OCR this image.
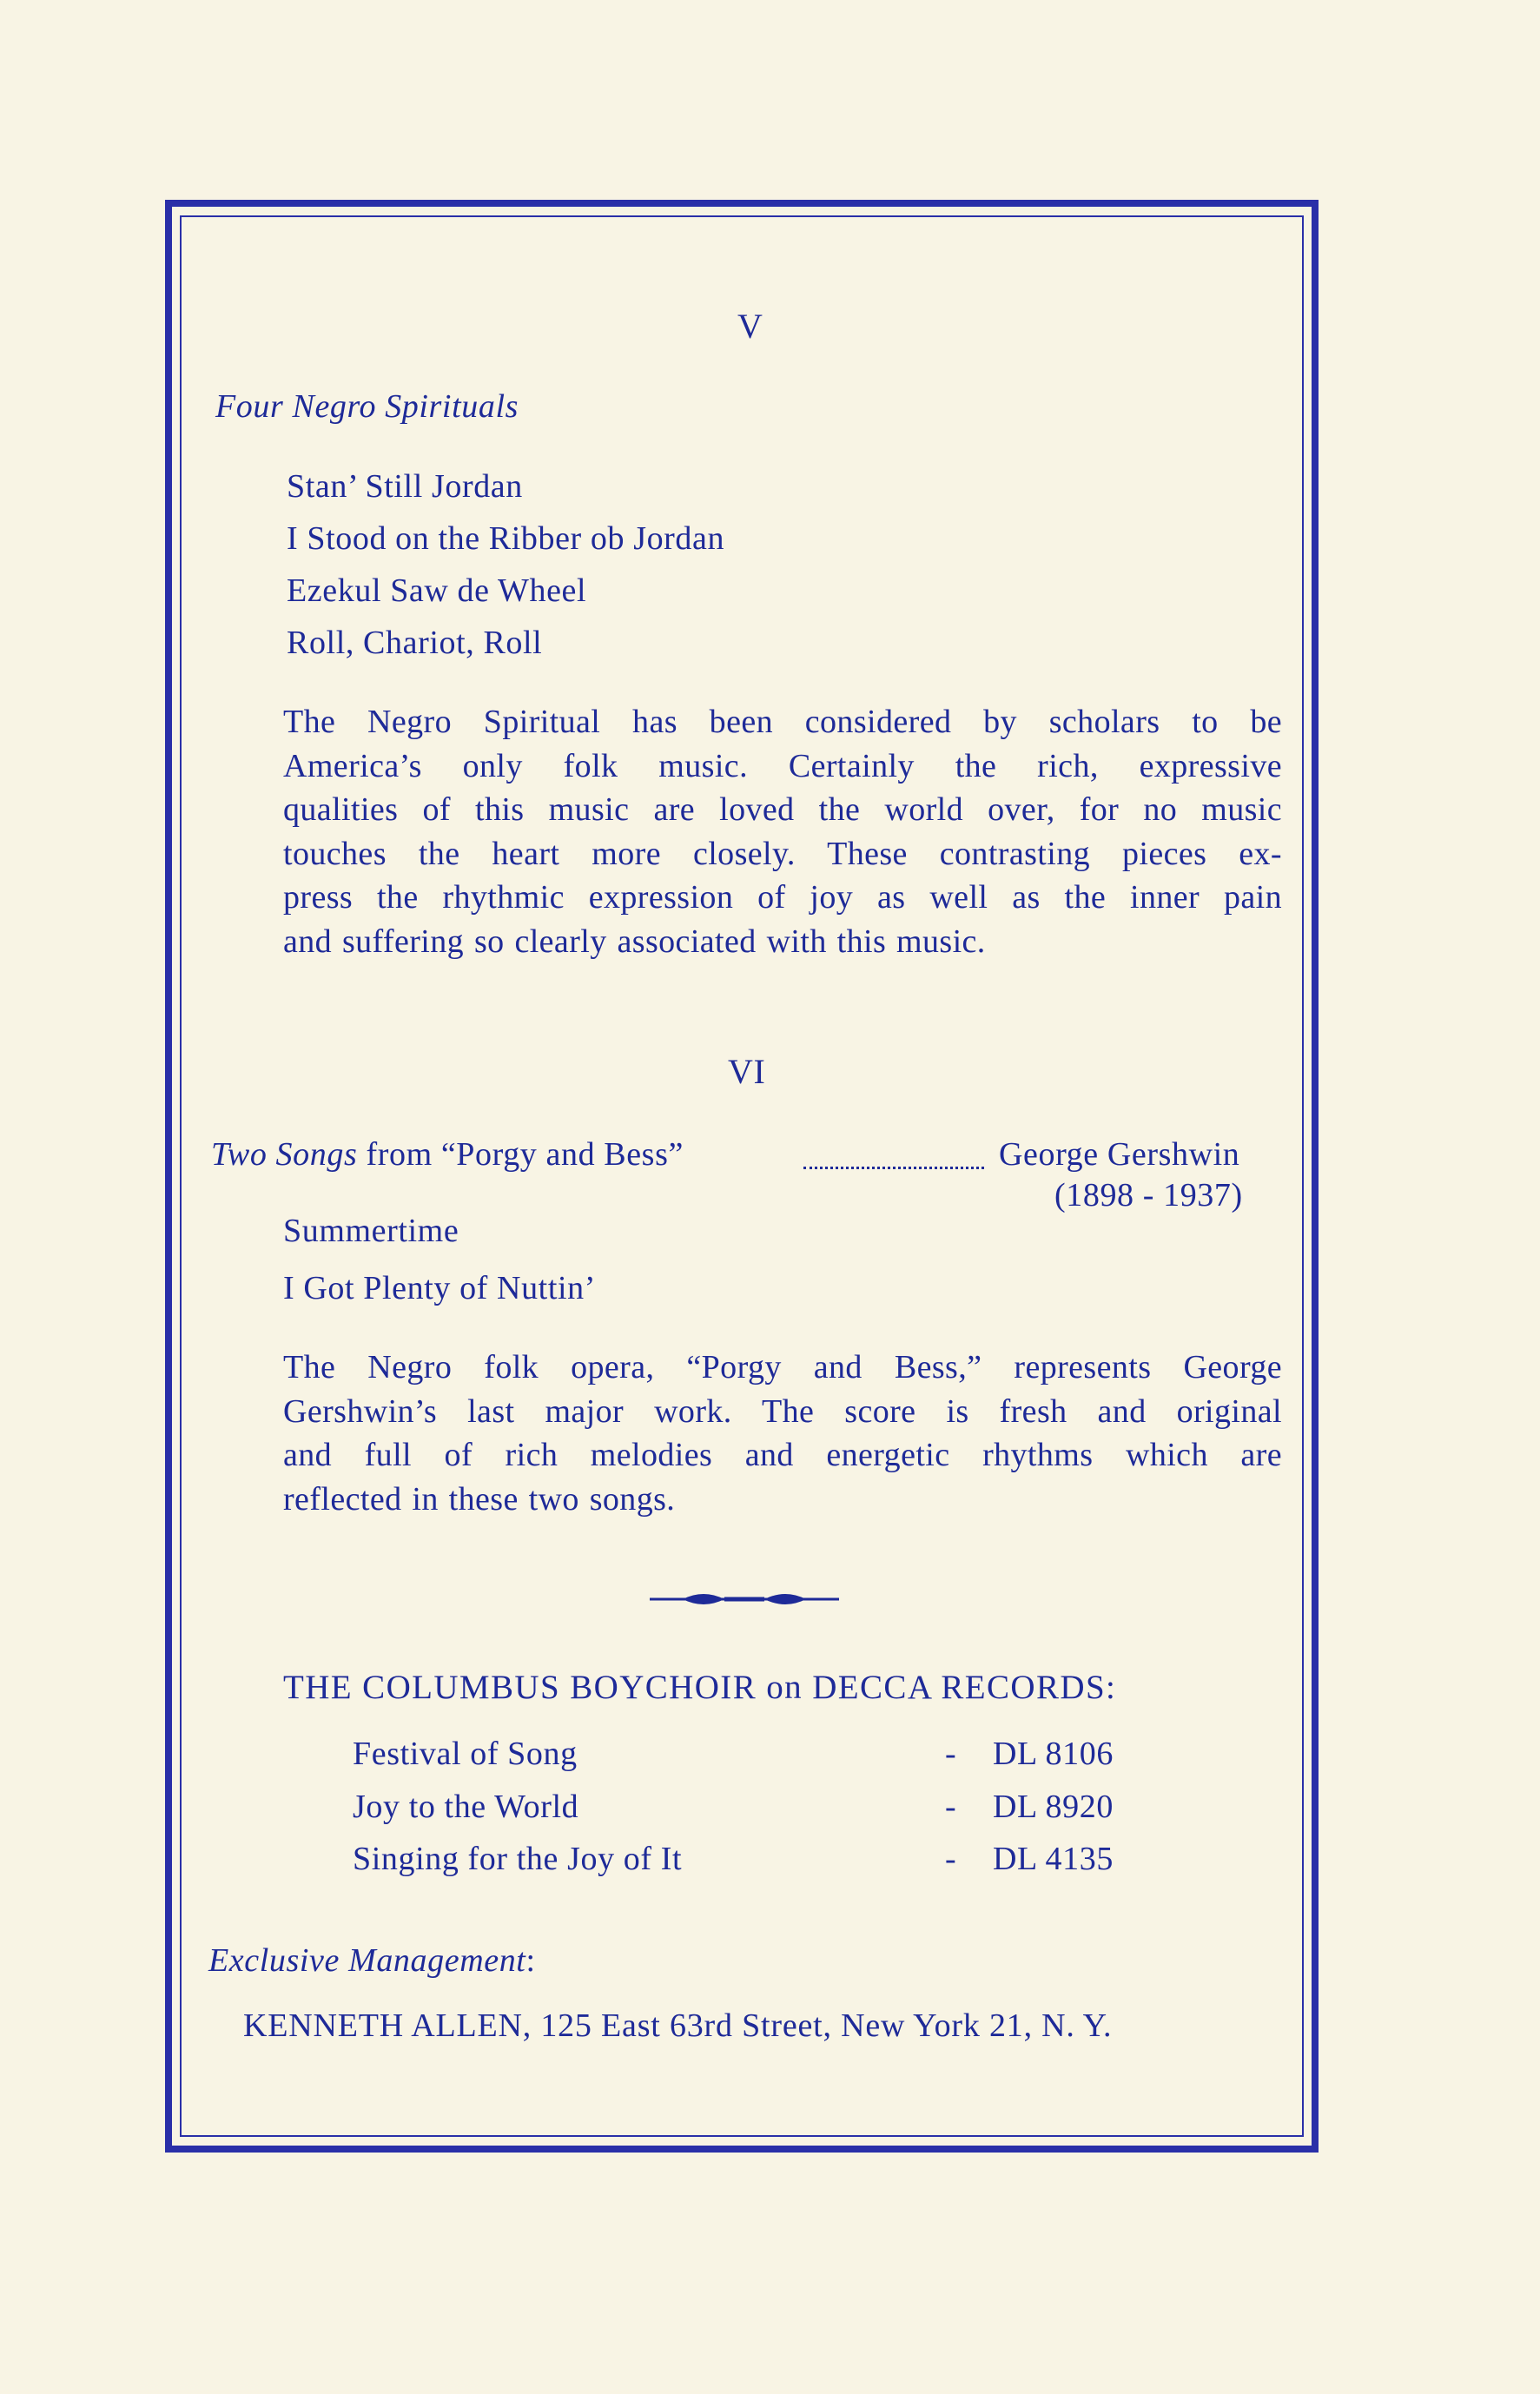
V
Four Negro Spirituals
Stan’ Still Jordan
I Stood on the Ribber ob Jordan
Ezekul Saw de Wheel
Roll, Chariot, Roll
The Negro Spiritual has been considered by scholars to be
America’s only folk music. Certainly the rich, expressive
qualities of this music are loved the world over, for no music
touches the heart more closely. These contrasting pieces ex-
press the rhythmic expression of joy as well as the inner pain
and suffering so clearly associated with this music.
VI
Two Songs from “Porgy and Bess”	George Gershwin
(1898 - 1937)
Summertime
I Got Plenty of Nuttin’
The Negro folk opera, “Porgy and Bess,” represents George
Gershwin’s last major work. The score is fresh and original
and full of rich melodies and energetic rhythms which are
reflected in these two songs.
THE COLUMBUS BOYCHOIR on DECCA RECORDS:
Festival of Song	- DL 8106
Joy to the World	- DL 8920
Singing for the Joy of It	- DL 4135
Exclusive Management:
KENNETH ALLEN, 125 East 63rd Street, New York 21, N. Y.
